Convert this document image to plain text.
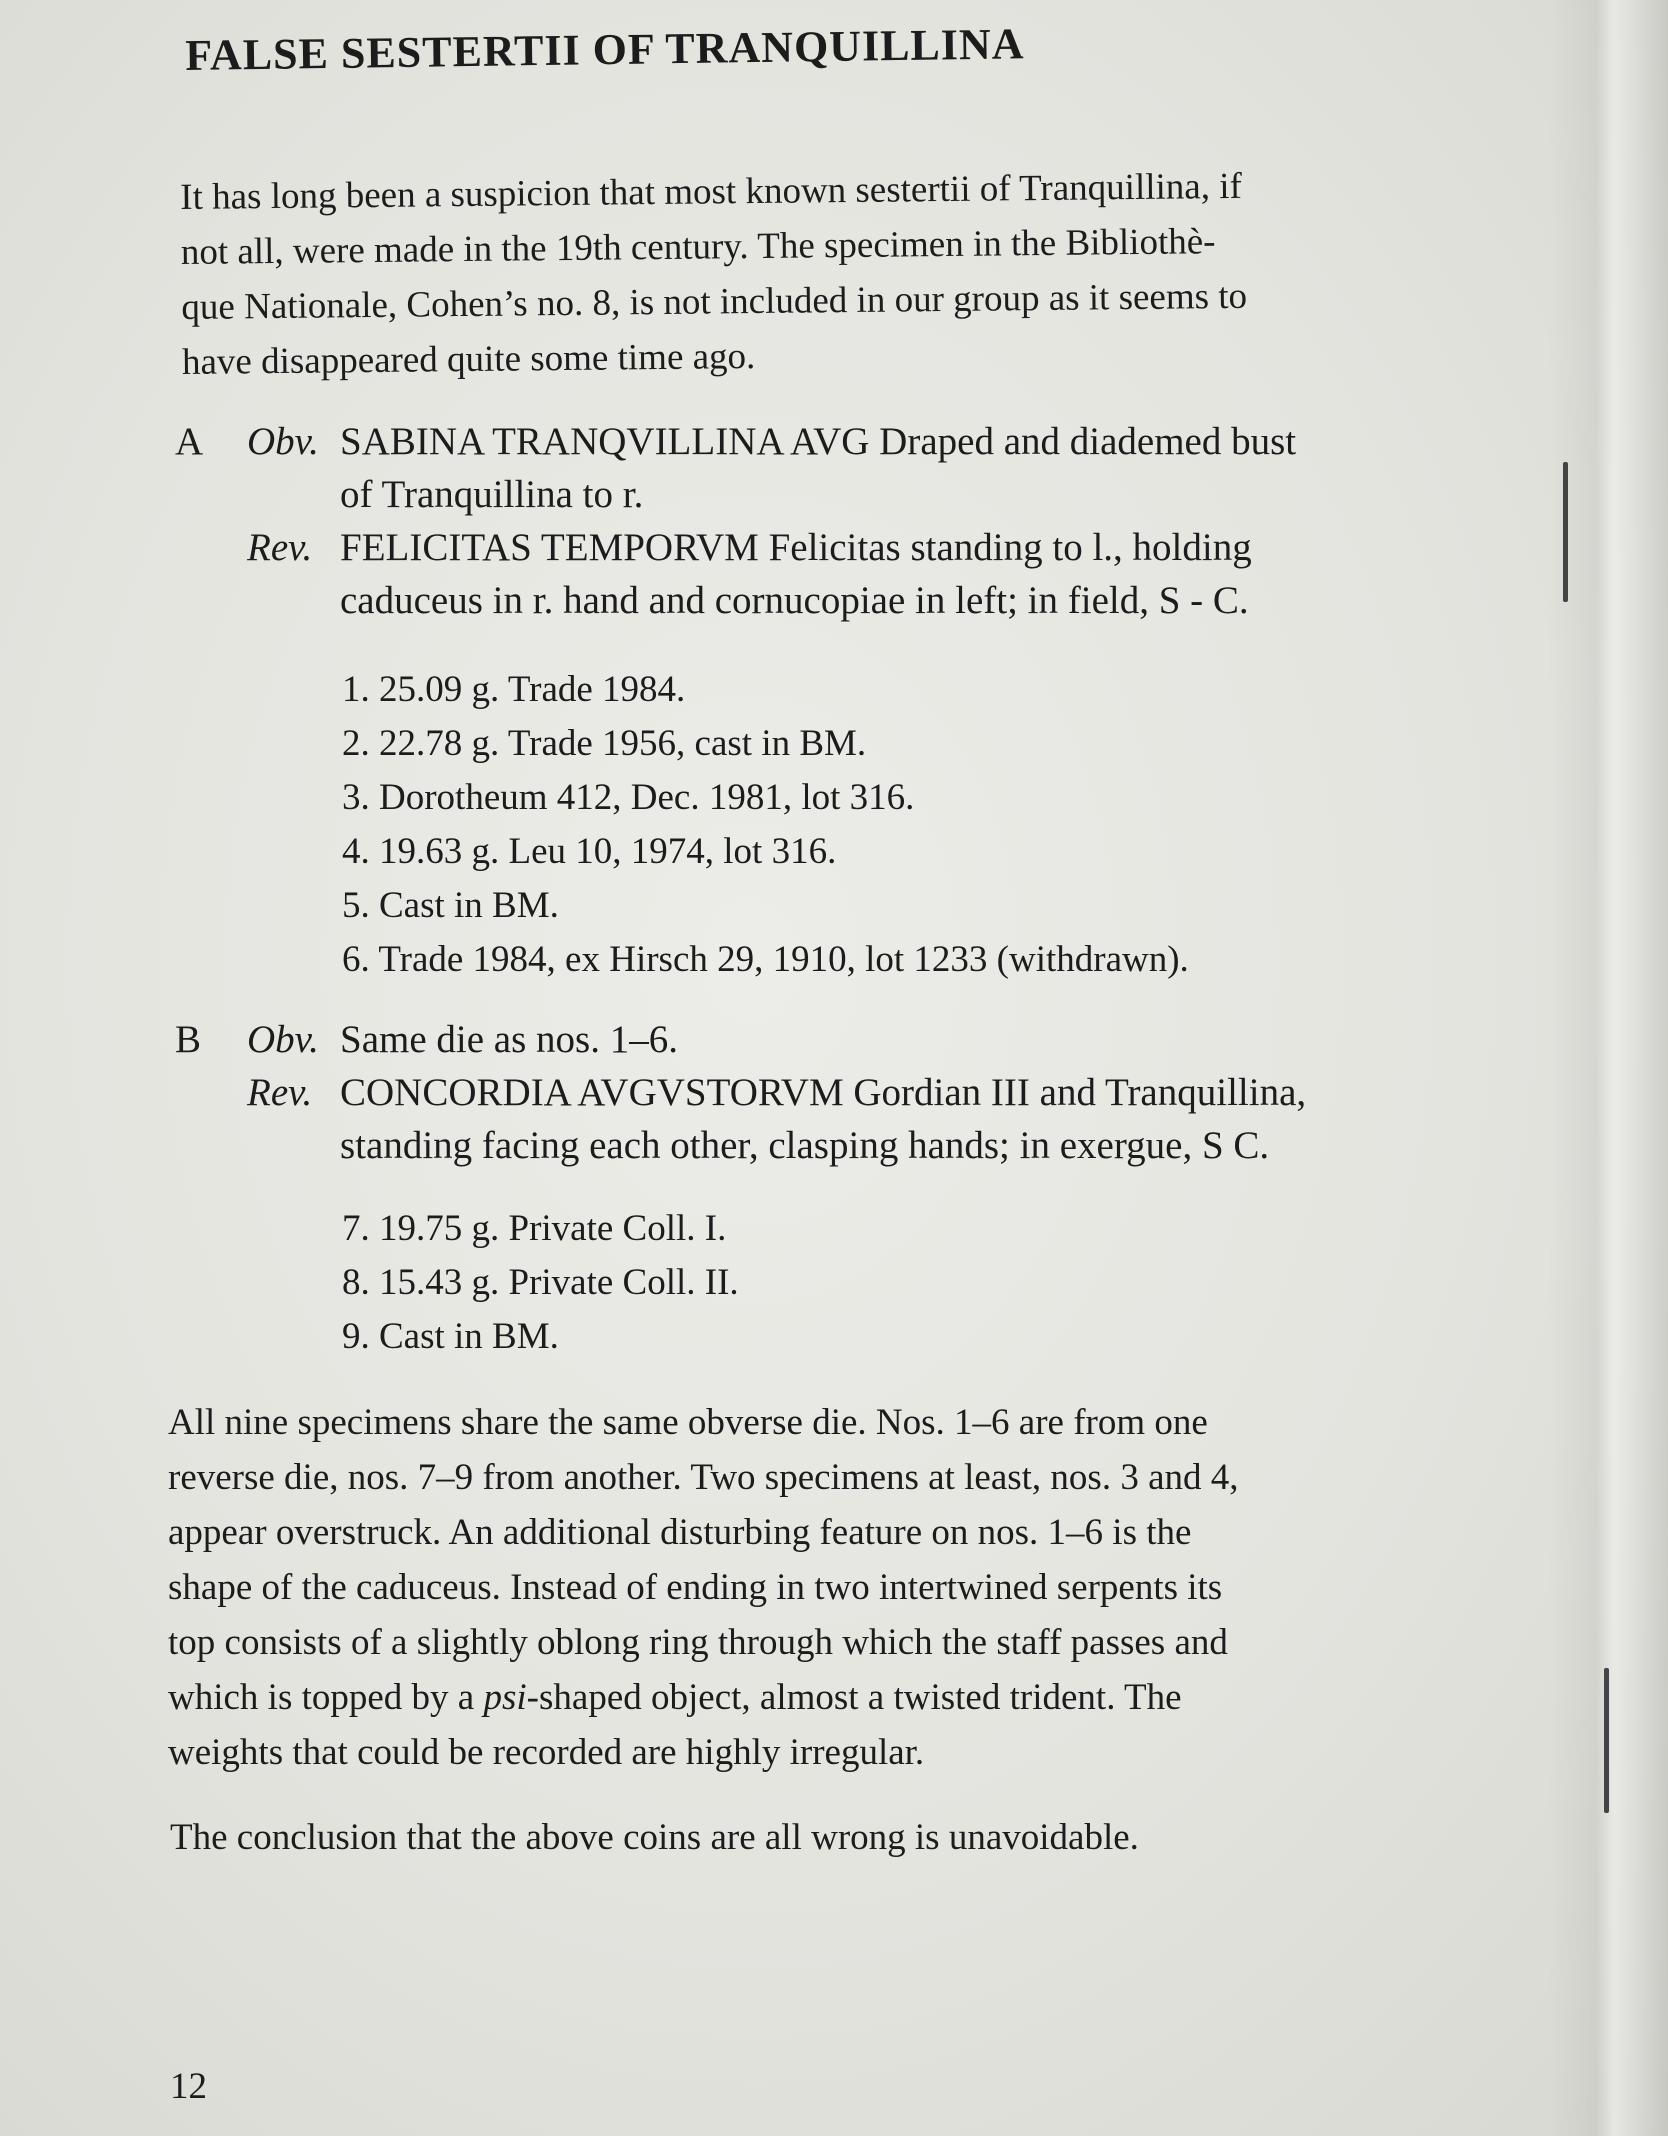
FALSE SESTERTII OF TRANQUILLINA
It has long been a suspicion that most known sestertii of Tranquillina, if
not all, were made in the 19th century. The specimen in the Bibliothè-
que Nationale, Cohen’s no. 8, is not included in our group as it seems to
have disappeared quite some time ago.
A Obv.
Rev.
SABINA TRANQVILLINA AVG Draped and diademed bust
of Tranquillina to r.
FELICITAS TEMPORVM Felicitas standing to l., holding
caduceus in r. hand and cornucopiae in left; in field, S - C.
1. 25.09 g. Trade 1984.
2. 22.78 g. Trade 1956, cast in BM.
3. Dorotheum 412, Dec. 1981, lot 316.
4. 19.63 g. Leu 10, 1974, lot 316.
5. Cast in BM.
6. Trade 1984, ex Hirsch 29, 1910, lot 1233 (withdrawn).
B Obv.
Rev.
Same die as nos. 1–6.
CONCORDIA AVGVSTORVM Gordian III and Tranquillina,
standing facing each other, clasping hands; in exergue, S C.
7. 19.75 g. Private Coll. I.
8. 15.43 g. Private Coll. II.
9. Cast in BM.
All nine specimens share the same obverse die. Nos. 1–6 are from one
reverse die, nos. 7–9 from another. Two specimens at least, nos. 3 and 4,
appear overstruck. An additional disturbing feature on nos. 1–6 is the
shape of the caduceus. Instead of ending in two intertwined serpents its
top consists of a slightly oblong ring through which the staff passes and
which is topped by a psi-shaped object, almost a twisted trident. The
weights that could be recorded are highly irregular.
The conclusion that the above coins are all wrong is unavoidable.
12
